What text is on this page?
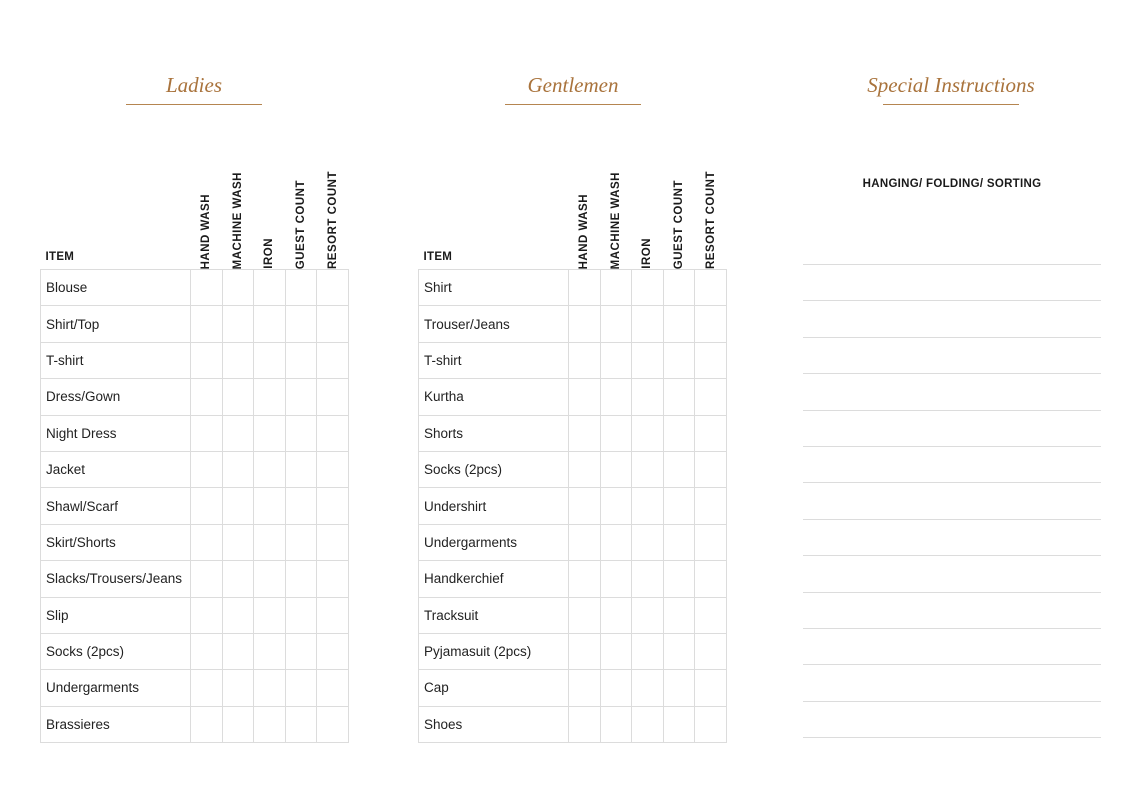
Ladies	Gentlemen	Special Instructions
ITEM	HAND WASH	MACHINE WASH	IRON	GUEST COUNT	RESORT COUNT

Blouse					
Shirt/Top					
T-shirt					
Dress/Gown					
Night Dress					
Jacket					
Shawl/Scarf					
Skirt/Shorts					
Slacks/Trousers/Jeans					
Slip					
Socks (2pcs)					
Undergarments					
Brassieres					
ITEM	HAND WASH	MACHINE WASH	IRON	GUEST COUNT	RESORT COUNT

Shirt					
Trouser/Jeans					
T-shirt					
Kurtha					
Shorts					
Socks (2pcs)					
Undershirt					
Undergarments					
Handkerchief					
Tracksuit					
Pyjamasuit (2pcs)					
Cap					
Shoes					
HANGING/ FOLDING/ SORTING
